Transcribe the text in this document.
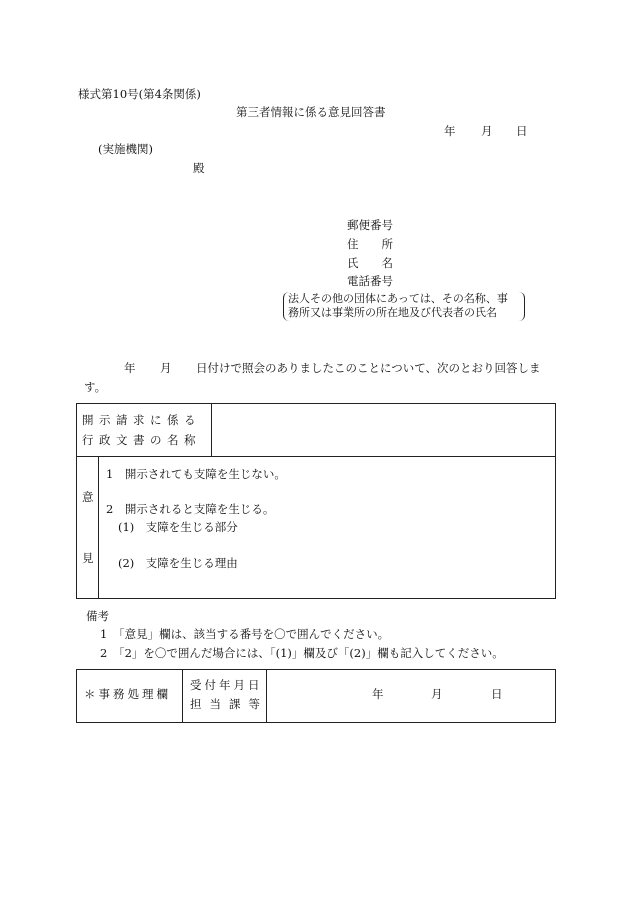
様式第10号(第4条関係)
第三者情報に係る意見回答書
年 月 日
(実施機関)
殿
郵便番号
住　　所
氏　　名
電話番号
法人その他の団体にあっては、その名称、事
務所又は事業所の所在地及び代表者の氏名
年 月 日付けで照会のありましたこのことについて、次のとおり回答しま
す。
開示請求に係る
行政文書の名称
意
見
1　開示されても支障を生じない。
2　開示されると支障を生じる。
(1)　支障を生じる部分
(2)　支障を生じる理由
備考
1　「意見」欄は、該当する番号を〇で囲んでください。
2　「2」を〇で囲んだ場合には、「(1)」欄及び「(2)」欄も記入してください。
＊事務処理欄
受付年月日
担当課等
年	月	日
